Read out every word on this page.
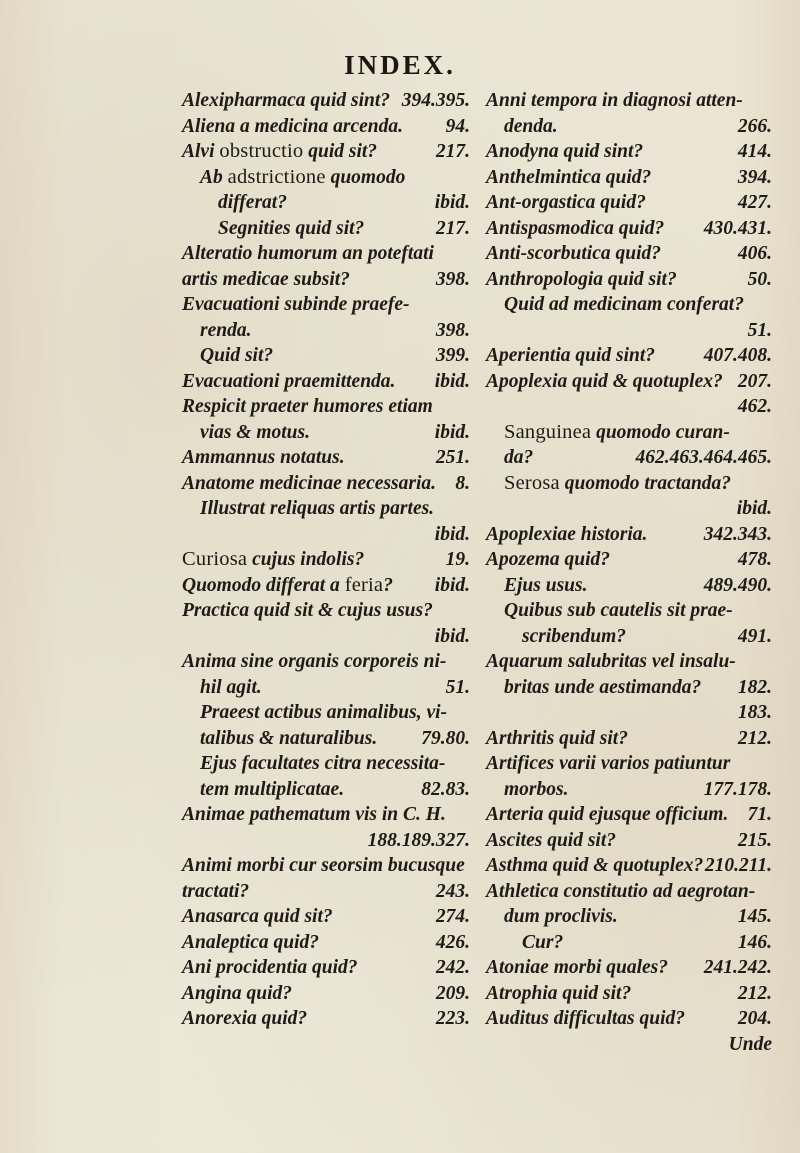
INDEX.
Alexipharmaca quid sint? 394.395.
Aliena a medicina arcenda. 94.
Alvi obstructio quid sit?	217.
Ab adstrictione quomodo
differat?	ibid.
Segnities quid sit?	217.
Alteratio humorum an poteftati
artis medicae subsit?	398.
Evacuationi subinde praefe-
renda.	398.
Quid sit?	399.
Evacuationi praemittenda. ibid.
Respicit praeter humores etiam
vias & motus.	ibid.
Ammannus notatus.	251.
Anatome medicinae necessaria. 8.
Illustrat reliquas artis partes.
ibid.
Curiosa cujus indolis?	19.
Quomodo differat a feria? ibid.
Practica quid sit & cujus usus?
ibid.
Anima sine organis corporeis ni-
hil agit.	51.
Praeest actibus animalibus, vi-
talibus & naturalibus. 79.80.
Ejus facultates citra necessita-
tem multiplicatae.	82.83.
Animae pathematum vis in C. H.
188.189.327.
Animi morbi cur seorsim bucusque
tractati?	243.
Anasarca quid sit?	274.
Analeptica quid?	426.
Ani procidentia quid?	242.
Angina quid?	209.
Anorexia quid?	223.
Anni tempora in diagnosi atten-
denda.	266.
Anodyna quid sint?	414.
Anthelmintica quid?	394.
Ant-orgastica quid?	427.
Antispasmodica quid? 430.431.
Anti-scorbutica quid?	406.
Anthropologia quid sit?	50.
Quid ad medicinam conferat?
51.
Aperientia quid sint? 407.408.
Apoplexia quid & quotuplex? 207.
462.
Sanguinea quomodo curan-
da?	462.463.464.465.
Serosa quomodo tractanda?
ibid.
Apoplexiae historia.	342.343.
Apozema quid?	478.
Ejus usus.	489.490.
Quibus sub cautelis sit prae-
scribendum?	491.
Aquarum salubritas vel insalu-
britas unde aestimanda? 182.
183.
Arthritis quid sit?	212.
Artifices varii varios patiuntur
morbos.	177.178.
Arteria quid ejusque officium. 71.
Ascites quid sit?	215.
Asthma quid & quotuplex? 210.211.
Athletica constitutio ad aegrotan-
dum proclivis.	145.
Cur?	146.
Atoniae morbi quales? 241.242.
Atrophia quid sit?	212.
Auditus difficultas quid?	204.
Unde
